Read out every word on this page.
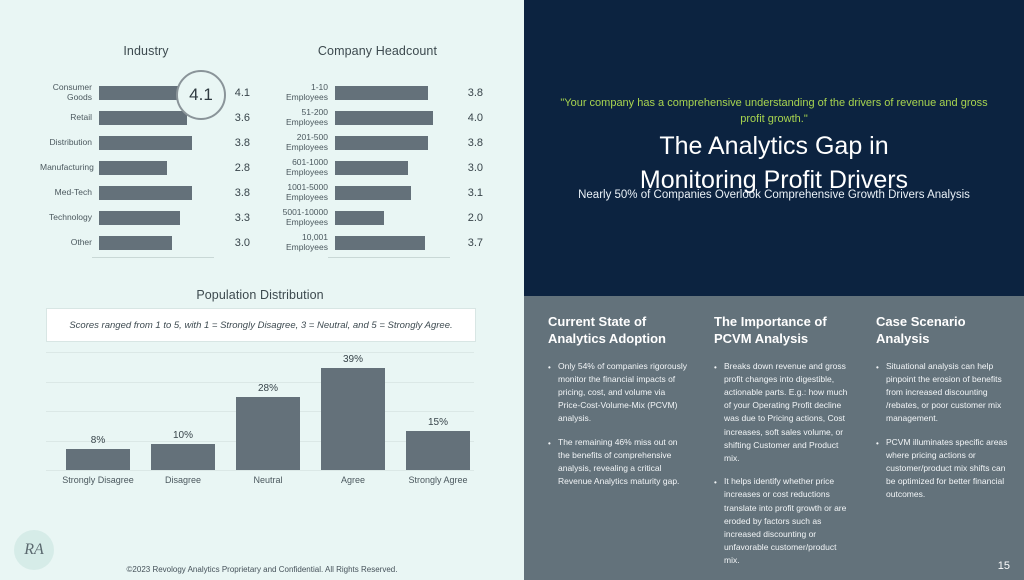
Industry
Consumer Goods	4.1
Retail	3.6
Distribution	3.8
Manufacturing	2.8
Med-Tech	3.8
Technology	3.3
Other	3.0
4.1
Company Headcount
1-10 Employees	3.8
51-200 Employees	4.0
201-500 Employees	3.8
601-1000 Employees	3.0
1001-5000 Employees	3.1
5001-10000 Employees	2.0
10,001 Employees	3.7
Population Distribution
Scores ranged from 1 to 5, with 1 = Strongly Disagree, 3 = Neutral, and 5 = Strongly Agree.
8%
Strongly Disagree
10%
Disagree
28%
Neutral
39%
Agree
15%
Strongly Agree
RA
©2023 Revology Analytics Proprietary and Confidential. All Rights Reserved.
"Your company has a comprehensive understanding of the drivers of revenue and gross profit growth."
The Analytics Gap in
Monitoring Profit Drivers
Nearly 50% of Companies Overlook Comprehensive Growth Drivers Analysis
Current State of Analytics Adoption
• Only 54% of companies rigorously monitor the financial impacts of pricing, cost, and volume via Price-Cost-Volume-Mix (PCVM) analysis.
• The remaining 46% miss out on the benefits of comprehensive analysis, revealing a critical Revenue Analytics maturity gap.
The Importance of PCVM Analysis
• Breaks down revenue and gross profit changes into digestible, actionable parts. E.g.: how much of your Operating Profit decline was due to Pricing actions, Cost increases, soft sales volume, or shifting Customer and Product mix.
• It helps identify whether price increases or cost reductions translate into profit growth or are eroded by factors such as increased discounting or unfavorable customer/product mix.
Case Scenario Analysis
• Situational analysis can help pinpoint the erosion of benefits from increased discounting /rebates, or poor customer mix management.
• PCVM illuminates specific areas where pricing actions or customer/product mix shifts can be optimized for better financial outcomes.
15
